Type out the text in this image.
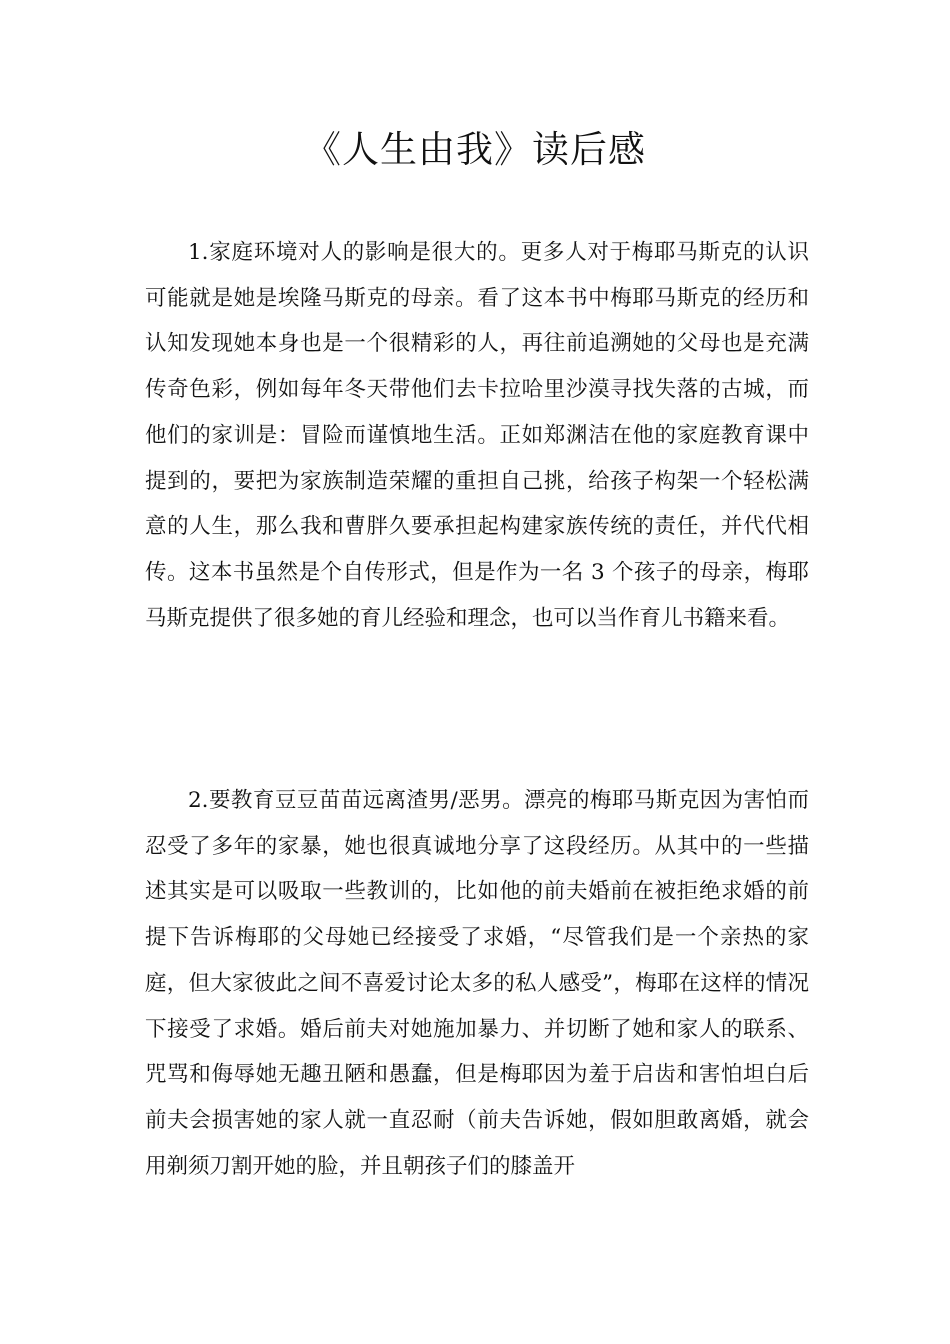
《人生由我》读后感

1.家庭环境对人的影响是很大的。更多人对于梅耶马斯克的认识可能就是她是埃隆马斯克的母亲。看了这本书中梅耶马斯克的经历和认知发现她本身也是一个很精彩的人，再往前追溯她的父母也是充满传奇色彩，例如每年冬天带他们去卡拉哈里沙漠寻找失落的古城，而他们的家训是：冒险而谨慎地生活。正如郑渊洁在他的家庭教育课中提到的，要把为家族制造荣耀的重担自己挑，给孩子构架一个轻松满意的人生，那么我和曹胖久要承担起构建家族传统的责任，并代代相传。这本书虽然是个自传形式，但是作为一名 3 个孩子的母亲，梅耶马斯克提供了很多她的育儿经验和理念，也可以当作育儿书籍来看。

2.要教育豆豆苗苗远离渣男/恶男。漂亮的梅耶马斯克因为害怕而忍受了多年的家暴，她也很真诚地分享了这段经历。从其中的一些描述其实是可以吸取一些教训的，比如他的前夫婚前在被拒绝求婚的前提下告诉梅耶的父母她已经接受了求婚，“尽管我们是一个亲热的家庭，但大家彼此之间不喜爱讨论太多的私人感受”，梅耶在这样的情况下接受了求婚。婚后前夫对她施加暴力、并切断了她和家人的联系、咒骂和侮辱她无趣丑陋和愚蠢，但是梅耶因为羞于启齿和害怕坦白后前夫会损害她的家人就一直忍耐（前夫告诉她，假如胆敢离婚，就会用剃须刀割开她的脸，并且朝孩子们的膝盖开
